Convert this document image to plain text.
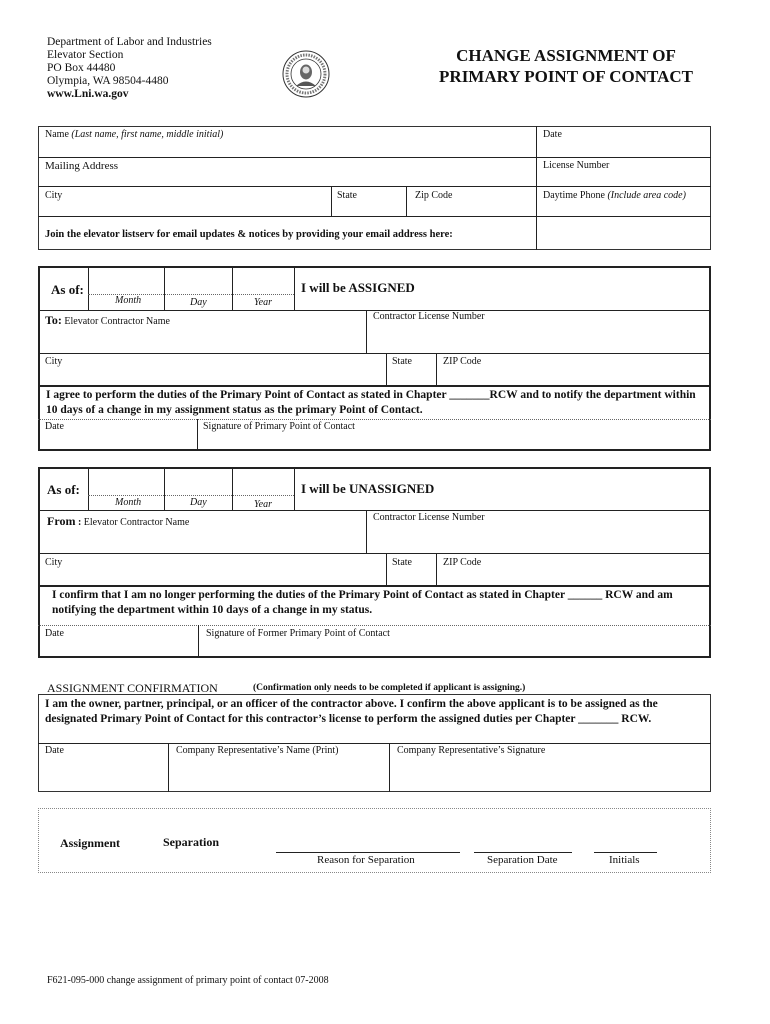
Department of Labor and Industries
Elevator Section
PO Box 44480
Olympia, WA 98504-4480
www.Lni.wa.gov
CHANGE ASSIGNMENT OF
PRIMARY POINT OF CONTACT
Name (Last name, first name, middle initial)	Date
Mailing Address	License Number
City	State	Zip Code	Daytime Phone (Include area code)
Join the elevator listserv for email updates & notices by providing your email address here:
As of:
Month	Day	Year
I will be ASSIGNED
To: Elevator Contractor Name	Contractor License Number
City	State	ZIP Code
I agree to perform the duties of the Primary Point of Contact as stated in Chapter _______RCW and to notify the department within 10 days of a change in my assignment status as the primary Point of Contact.
Date	Signature of Primary Point of Contact
As of:
Month	Day	Year
I will be UNASSIGNED
From : Elevator Contractor Name	Contractor License Number
City	State	ZIP Code
I confirm that I am no longer performing the duties of the Primary Point of Contact as stated in Chapter ______ RCW and am notifying the department within 10 days of a change in my status.
Date	Signature of Former Primary Point of Contact
ASSIGNMENT CONFIRMATION	(Confirmation only needs to be completed if applicant is assigning.)
I am the owner, partner, principal, or an officer of the contractor above. I confirm the above applicant is to be assigned as the designated Primary Point of Contact for this contractor’s license to perform the assigned duties per Chapter _______ RCW.
Date	Company Representative’s Name (Print)	Company Representative’s Signature
Assignment	Separation
Reason for Separation	Separation Date	Initials
F621-095-000 change assignment of primary point of contact 07-2008
